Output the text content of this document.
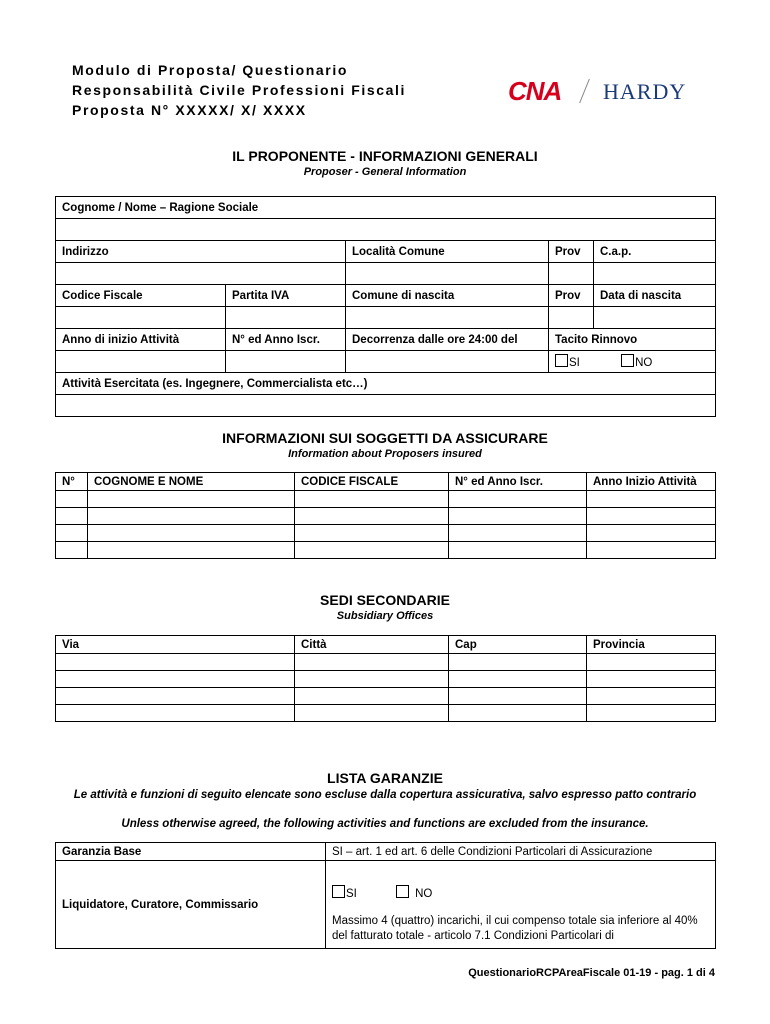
Modulo di Proposta/ Questionario
Responsabilità Civile Professioni Fiscali
Proposta N° XXXXX/ X/ XXXX
CNA HARDY
IL PROPONENTE - INFORMAZIONI GENERALI
Proposer - General Information
Cognome / Nome – Ragione Sociale				

Indirizzo		Località Comune	Prov	C.a.p.

Codice Fiscale	Partita IVA	Comune di nascita	Prov	Data di nascita

Anno di inizio Attività	N° ed Anno Iscr.	Decorrenza dalle ore 24:00 del	Tacito Rinnovo	
			SI NO	
Attività Esercitata (es. Ingegnere, Commercialista etc…)				

INFORMAZIONI SUI SOGGETTI DA ASSICURARE
Information about Proposers insured
N°	COGNOME E NOME	CODICE FISCALE	N° ed Anno Iscr.	Anno Inizio Attività

SEDI SECONDARIE
Subsidiary Offices
Via	Città	Cap	Provincia

LISTA GARANZIE
Le attività e funzioni di seguito elencate sono escluse dalla copertura assicurativa, salvo espresso patto contrario
Unless otherwise agreed, the following activities and functions are excluded from the insurance.
Garanzia Base	SI – art. 1 ed art. 6 delle Condizioni Particolari di Assicurazione
Liquidatore, Curatore, Commissario	SI NO
Massimo 4 (quattro) incarichi, il cui compenso totale sia inferiore al 40% del fatturato totale - articolo 7.1 Condizioni Particolari di
QuestionarioRCPAreaFiscale 01-19 - pag. 1 di 4
